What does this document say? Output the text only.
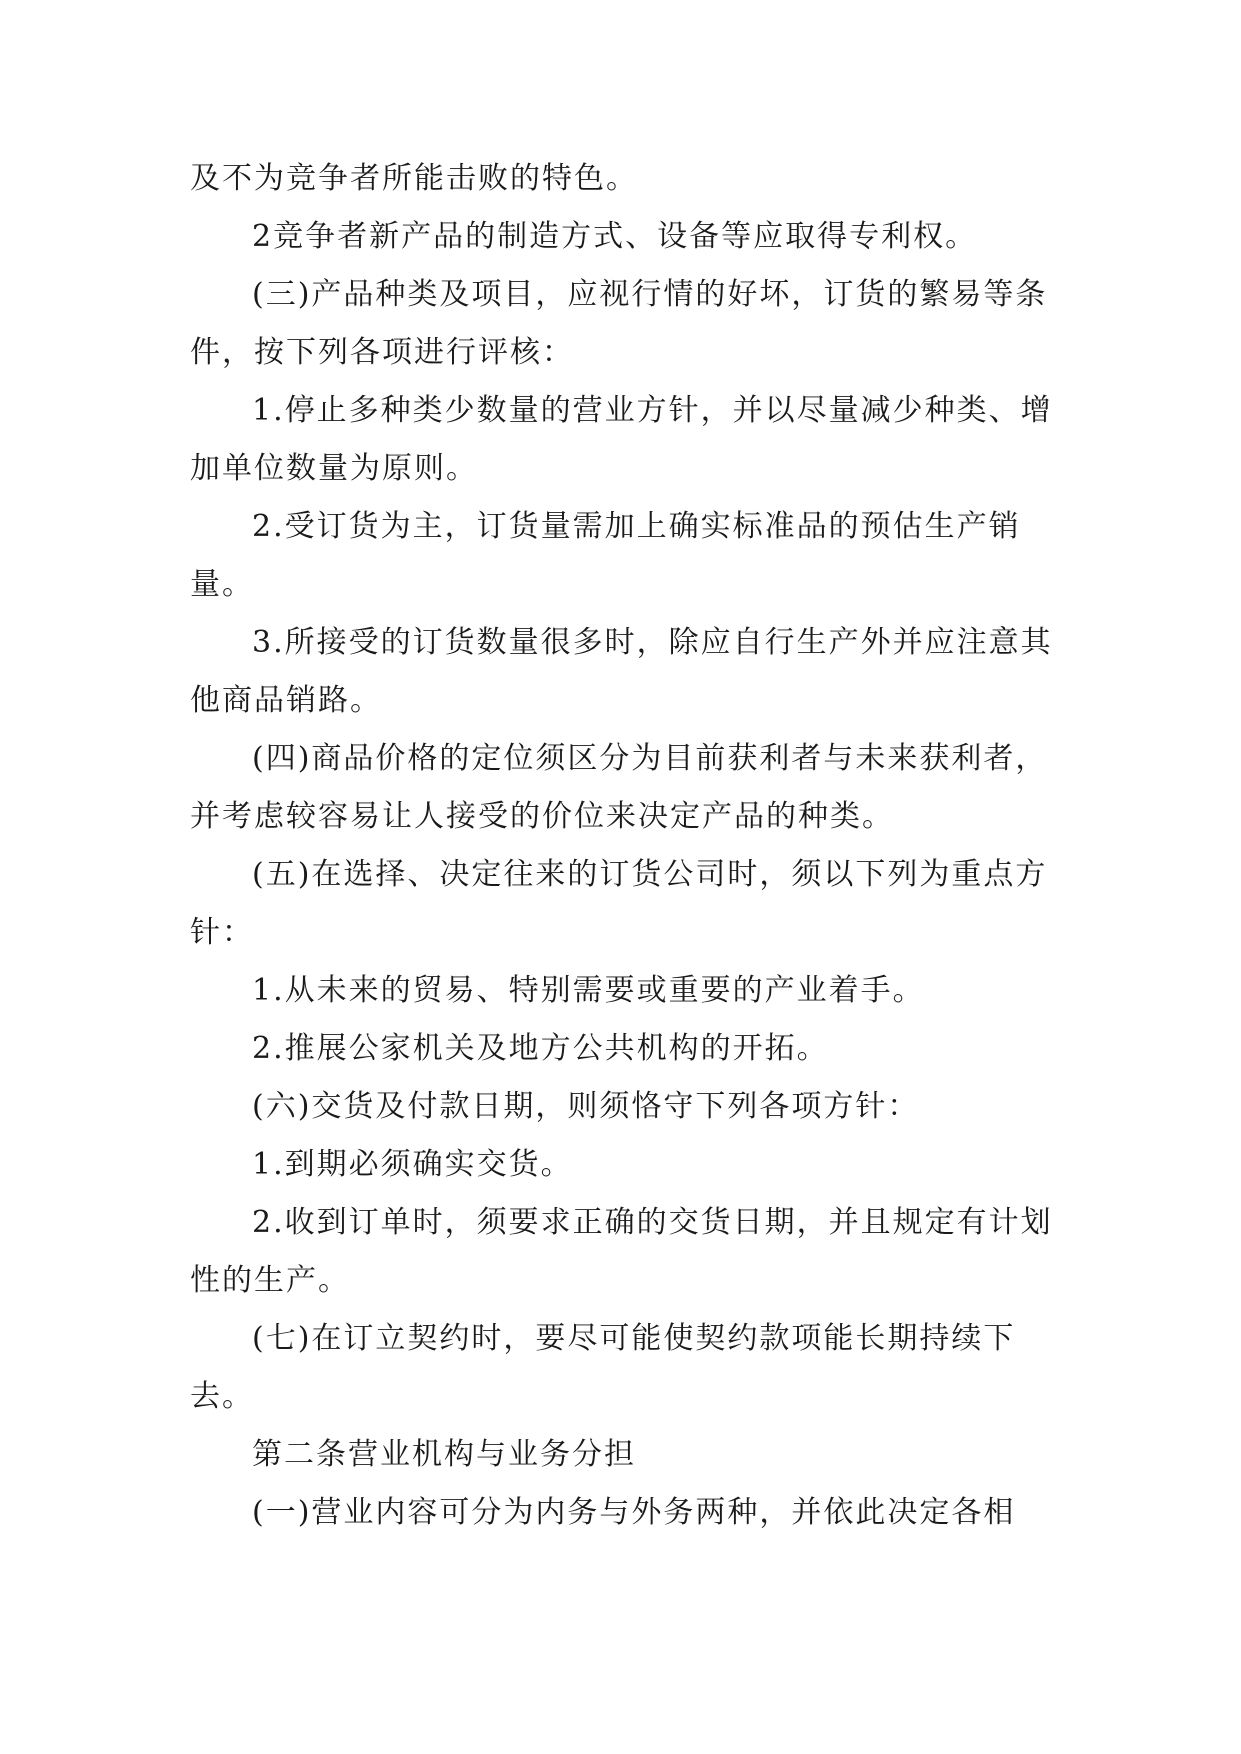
及不为竞争者所能击败的特色。

2竞争者新产品的制造方式、设备等应取得专利权。

(三)产品种类及项目，应视行情的好坏，订货的繁易等条件，按下列各项进行评核：

1.停止多种类少数量的营业方针，并以尽量减少种类、增加单位数量为原则。

2.受订货为主，订货量需加上确实标准品的预估生产销量。

3.所接受的订货数量很多时，除应自行生产外并应注意其他商品销路。

(四)商品价格的定位须区分为目前获利者与未来获利者，并考虑较容易让人接受的价位来决定产品的种类。

(五)在选择、决定往来的订货公司时，须以下列为重点方针：

1.从未来的贸易、特别需要或重要的产业着手。

2.推展公家机关及地方公共机构的开拓。

(六)交货及付款日期，则须恪守下列各项方针：

1.到期必须确实交货。

2.收到订单时，须要求正确的交货日期，并且规定有计划性的生产。

(七)在订立契约时，要尽可能使契约款项能长期持续下去。

第二条营业机构与业务分担

(一)营业内容可分为内务与外务两种，并依此决定各相
